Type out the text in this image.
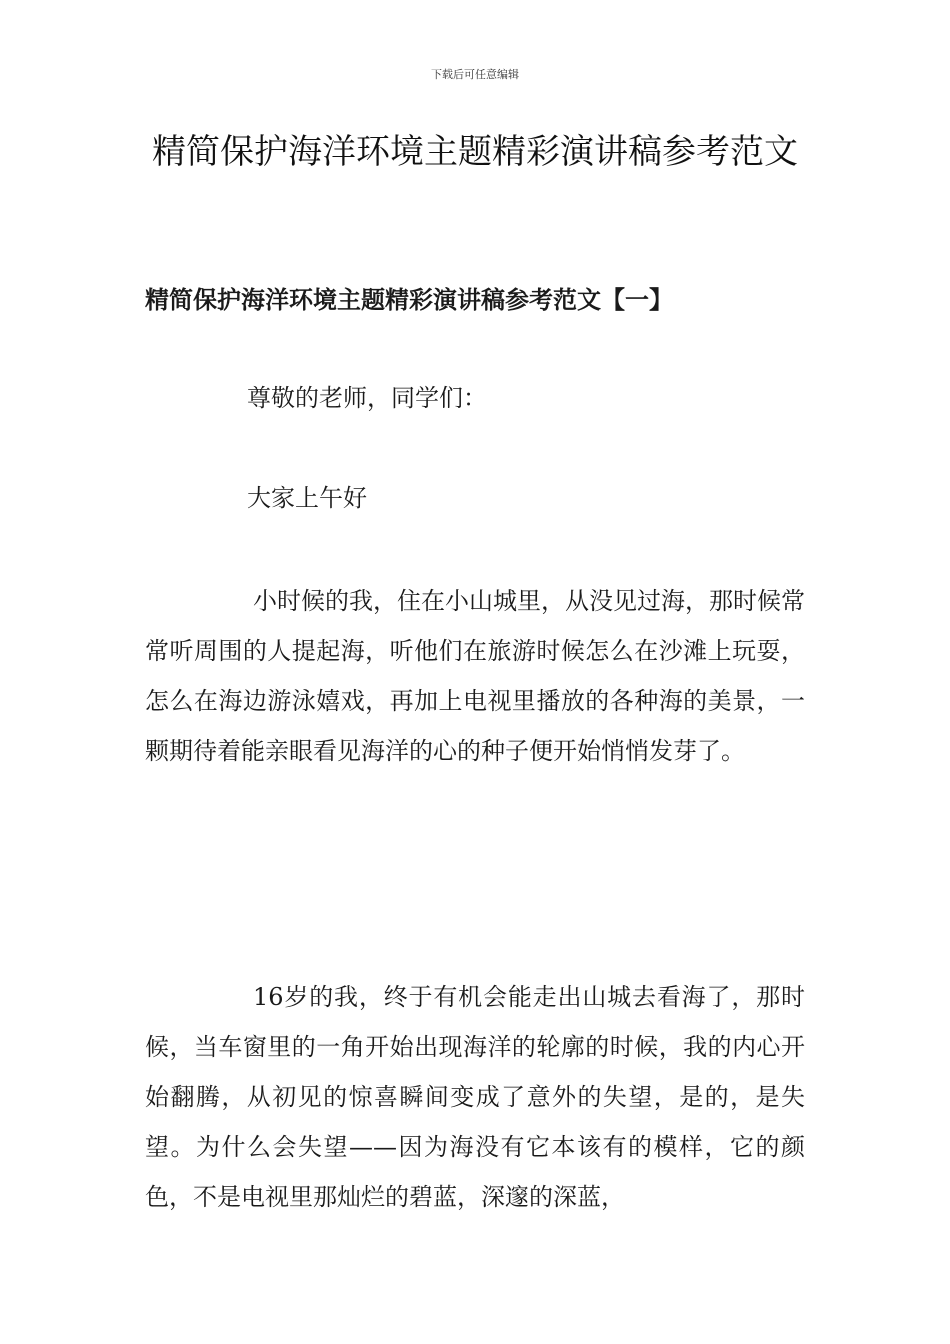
下载后可任意编辑
精简保护海洋环境主题精彩演讲稿参考范文
精简保护海洋环境主题精彩演讲稿参考范文【一】

尊敬的老师，同学们：

大家上午好

小时候的我，住在小山城里，从没见过海，那时候常常听周围的人提起海，听他们在旅游时候怎么在沙滩上玩耍，怎么在海边游泳嬉戏，再加上电视里播放的各种海的美景，一颗期待着能亲眼看见海洋的心的种子便开始悄悄发芽了。

16岁的我，终于有机会能走出山城去看海了，那时候，当车窗里的一角开始出现海洋的轮廓的时候，我的内心开始翻腾，从初见的惊喜瞬间变成了意外的失望，是的，是失望。为什么会失望——因为海没有它本该有的模样，它的颜色，不是电视里那灿烂的碧蓝，深邃的深蓝，
